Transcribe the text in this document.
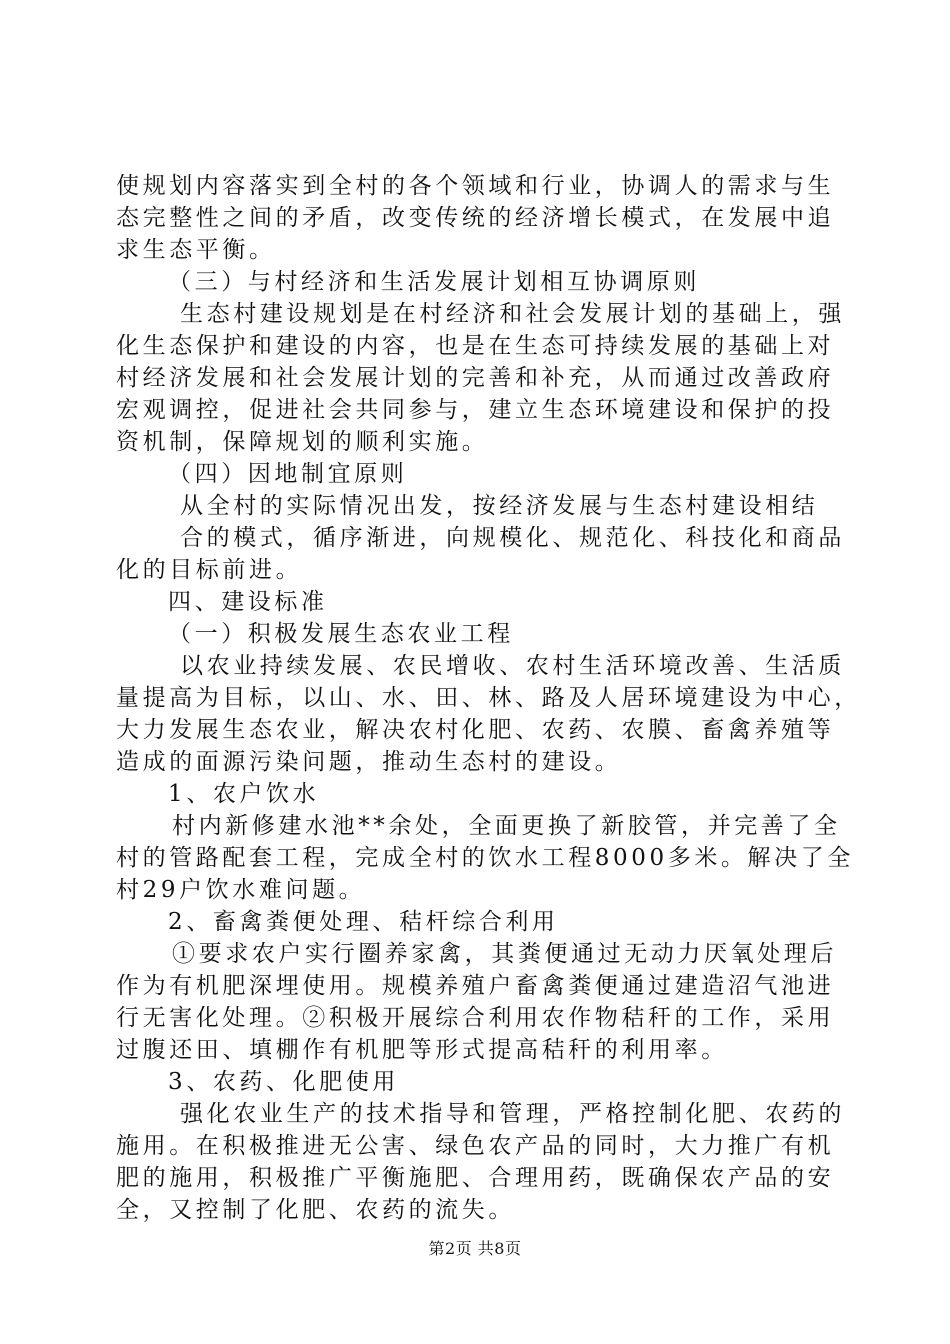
使规划内容落实到全村的各个领域和行业，协调人的需求与生
态完整性之间的矛盾，改变传统的经济增长模式，在发展中追
求生态平衡。
（三）与村经济和生活发展计划相互协调原则
生态村建设规划是在村经济和社会发展计划的基础上，强
化生态保护和建设的内容，也是在生态可持续发展的基础上对
村经济发展和社会发展计划的完善和补充，从而通过改善政府
宏观调控，促进社会共同参与，建立生态环境建设和保护的投
资机制，保障规划的顺利实施。
（四）因地制宜原则
从全村的实际情况出发，按经济发展与生态村建设相结
合的模式，循序渐进，向规模化、规范化、科技化和商品
化的目标前进。
四、建设标准
（一）积极发展生态农业工程
以农业持续发展、农民增收、农村生活环境改善、生活质
量提高为目标，以山、水、田、林、路及人居环境建设为中心，
大力发展生态农业，解决农村化肥、农药、农膜、畜禽养殖等
造成的面源污染问题，推动生态村的建设。
1、农户饮水
村内新修建水池**余处，全面更换了新胶管，并完善了全
村的管路配套工程，完成全村的饮水工程8000多米。解决了全
村29户饮水难问题。
2、畜禽粪便处理、秸杆综合利用
①要求农户实行圈养家禽，其粪便通过无动力厌氧处理后
作为有机肥深埋使用。规模养殖户畜禽粪便通过建造沼气池进
行无害化处理。②积极开展综合利用农作物秸秆的工作，采用
过腹还田、填棚作有机肥等形式提高秸秆的利用率。
3、农药、化肥使用
强化农业生产的技术指导和管理，严格控制化肥、农药的
施用。在积极推进无公害、绿色农产品的同时，大力推广有机
肥的施用，积极推广平衡施肥、合理用药，既确保农产品的安
全，又控制了化肥、农药的流失。
第2页 共8页
